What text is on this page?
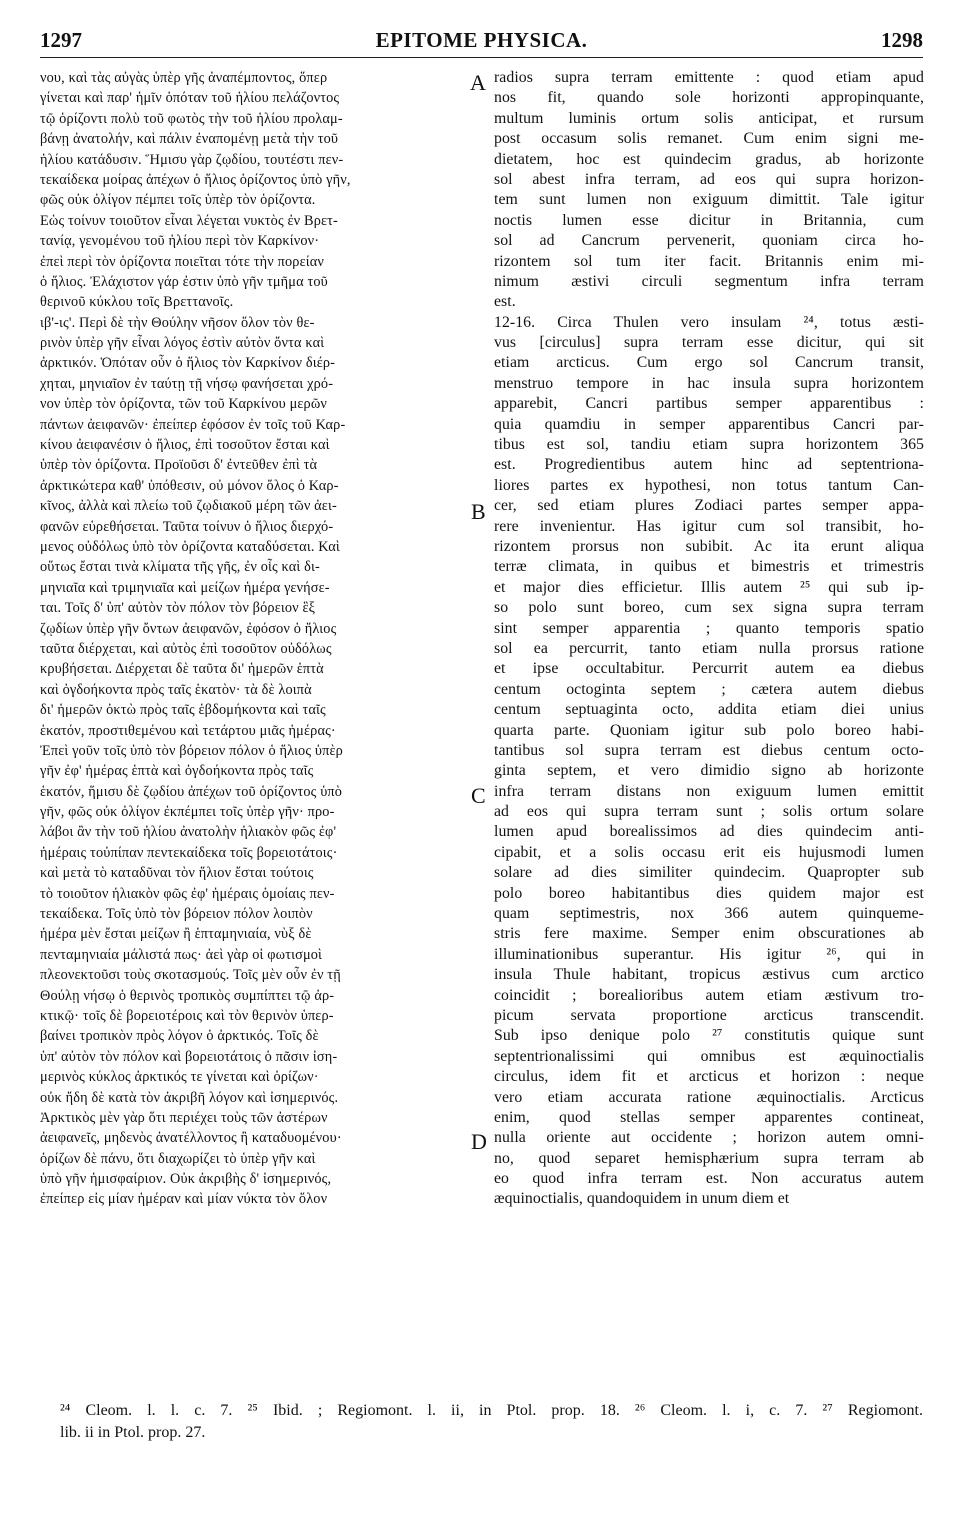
EPITOME PHYSICA.
1297	1298
νου, καὶ τὰς αὐγὰς ὑπὲρ γῆς ἀναπέμποντος, ὅπερ
γίνεται καὶ παρ' ἡμῖν ὁπόταν τοῦ ἡλίου πελάζοντος
τῷ ὁρίζοντι πολὺ τοῦ φωτὸς τὴν τοῦ ἡλίου προλαμ-
βάνῃ ἀνατολήν, καὶ πάλιν ἐναπομένῃ μετὰ τὴν τοῦ
ἡλίου κατάδυσιν. Ἥμισυ γὰρ ζῳδίου, τουτέστι πεν-
τεκαίδεκα μοίρας ἀπέχων ὁ ἥλιος ὁρίζοντος ὑπὸ γῆν,
φῶς οὐκ ὀλίγον πέμπει τοῖς ὑπὲρ τὸν ὁρίζοντα.
Εὡς τοίνυν τοιοῦτον εἶναι λέγεται νυκτὸς ἐν Βρετ-
τανίᾳ, γενομένου τοῦ ἡλίου περὶ τὸν Καρκίνον·
ἐπεὶ περὶ τὸν ὁρίζοντα ποιεῖται τότε τὴν πορείαν
ὁ ἥλιος. Ἐλάχιστον γάρ ἐστιν ὑπὸ γῆν τμῆμα τοῦ
θερινοῦ κύκλου τοῖς Βρεττανοῖς.
ιβ'-ις'. Περὶ δὲ τὴν Θούλην νῆσον ὅλον τὸν θε-
ρινὸν ὑπὲρ γῆν εἶναι λόγος ἐστὶν αὐτὸν ὄντα καὶ
ἀρκτικόν. Ὁπόταν οὖν ὁ ἥλιος τὸν Καρκίνον διέρ-
χηται, μηνιαῖον ἐν ταύτῃ τῇ νήσῳ φανήσεται χρό-
νον ὑπὲρ τὸν ὁρίζοντα, τῶν τοῦ Καρκίνου μερῶν
πάντων ἀειφανῶν· ἐπείπερ ἐφόσον ἐν τοῖς τοῦ Καρ-
κίνου ἀειφανέσιν ὁ ἥλιος, ἐπὶ τοσοῦτον ἔσται καὶ
ὑπὲρ τὸν ὁρίζοντα. Προϊοῦσι δ' ἐντεῦθεν ἐπὶ τὰ
ἀρκτικώτερα καθ' ὑπόθεσιν, οὐ μόνον ὅλος ὁ Καρ-
κῖνος, ἀλλὰ καὶ πλείω τοῦ ζῳδιακοῦ μέρη τῶν ἀει-
φανῶν εὑρεθήσεται. Ταῦτα τοίνυν ὁ ἥλιος διερχό-
μενος οὐδόλως ὑπὸ τὸν ὁρίζοντα καταδύσεται. Καὶ
οὕτως ἔσται τινὰ κλίματα τῆς γῆς, ἐν οἷς καὶ δι-
μηνιαῖα καὶ τριμηνιαῖα καὶ μείζων ἡμέρα γενήσε-
ται. Τοῖς δ' ὑπ' αὐτὸν τὸν πόλον τὸν βόρειον ἓξ
ζῳδίων ὑπὲρ γῆν ὄντων ἀειφανῶν, ἐφόσον ὁ ἥλιος
ταῦτα διέρχεται, καὶ αὐτὸς ἐπὶ τοσοῦτον οὐδόλως
κρυβήσεται. Διέρχεται δὲ ταῦτα δι' ἡμερῶν ἑπτὰ
καὶ ὀγδοήκοντα πρὸς ταῖς ἑκατὸν· τὰ δὲ λοιπὰ
δι' ἡμερῶν ὀκτὼ πρὸς ταῖς ἑβδομήκοντα καὶ ταῖς
ἑκατόν, προστιθεμένου καὶ τετάρτου μιᾶς ἡμέρας·
Ἐπεὶ γοῦν τοῖς ὑπὸ τὸν βόρειον πόλον ὁ ἥλιος ὑπὲρ
γῆν ἐφ' ἡμέρας ἑπτὰ καὶ ὀγδοήκοντα πρὸς ταῖς
ἑκατόν, ἥμισυ δὲ ζῳδίου ἀπέχων τοῦ ὁρίζοντος ὑπὸ
γῆν, φῶς οὐκ ὀλίγον ἐκπέμπει τοῖς ὑπὲρ γῆν· προ-
λάβοι ἂν τὴν τοῦ ἡλίου ἀνατολὴν ἡλιακὸν φῶς ἐφ'
ἡμέραις τοὐπίπαν πεντεκαίδεκα τοῖς βορειοτάτοις·
καὶ μετὰ τὸ καταδῦναι τὸν ἥλιον ἔσται τούτοις
τὸ τοιοῦτον ἡλιακὸν φῶς ἐφ' ἡμέραις ὁμοίαις πεν-
τεκαίδεκα. Τοῖς ὑπὸ τὸν βόρειον πόλον λοιπὸν
ἡμέρα μὲν ἔσται μείζων ἢ ἑπταμηνιαία, νὺξ δὲ
πενταμηνιαία μάλιστά πως· ἀεὶ γὰρ οἱ φωτισμοὶ
πλεονεκτοῦσι τοὺς σκοτασμούς. Τοῖς μὲν οὖν ἐν τῇ
Θούλῃ νήσῳ ὁ θερινὸς τροπικὸς συμπίπτει τῷ ἀρ-
κτικῷ· τοῖς δὲ βορειοτέροις καὶ τὸν θερινὸν ὑπερ-
βαίνει τροπικὸν πρὸς λόγον ὁ ἀρκτικός. Τοῖς δὲ
ὑπ' αὐτὸν τὸν πόλον καὶ βορειοτάτοις ὁ πᾶσιν ἰση-
μερινὸς κύκλος ἀρκτικός τε γίνεται καὶ ὁρίζων·
οὐκ ἤδη δὲ κατὰ τὸν ἀκριβῆ λόγον καὶ ἰσημερινός.
Ἀρκτικὸς μὲν γὰρ ὅτι περιέχει τοὺς τῶν ἀστέρων
ἀειφανεῖς, μηδενὸς ἀνατέλλοντος ἢ καταδυομένου·
ὁρίζων δὲ πάνυ, ὅτι διαχωρίζει τὸ ὑπὲρ γῆν καὶ
ὑπὸ γῆν ἡμισφαίριον. Οὐκ ἀκριβὴς δ' ἰσημερινός,
ἐπείπερ εἰς μίαν ἡμέραν καὶ μίαν νύκτα τὸν ὅλον
A
B
C
D
radios supra terram emittente : quod etiam apud
nos fit, quando sole horizonti appropinquante,
multum luminis ortum solis anticipat, et rursum
post occasum solis remanet. Cum enim signi me-
dietatem, hoc est quindecim gradus, ab horizonte
sol abest infra terram, ad eos qui supra horizon-
tem sunt lumen non exiguum dimittit. Tale igitur
noctis lumen esse dicitur in Britannia, cum
sol ad Cancrum pervenerit, quoniam circa ho-
rizontem sol tum iter facit. Britannis enim mi-
nimum æstivi circuli segmentum infra terram
est.
12-16. Circa Thulen vero insulam ²⁴, totus æsti-
vus [circulus] supra terram esse dicitur, qui sit
etiam arcticus. Cum ergo sol Cancrum transit,
menstruo tempore in hac insula supra horizontem
apparebit, Cancri partibus semper apparentibus :
quia quamdiu in semper apparentibus Cancri par-
tibus est sol, tandiu etiam supra horizontem 365
est. Progredientibus autem hinc ad septentriona-
liores partes ex hypothesi, non totus tantum Can-
cer, sed etiam plures Zodiaci partes semper appa-
rere invenientur. Has igitur cum sol transibit, ho-
rizontem prorsus non subibit. Ac ita erunt aliqua
terræ climata, in quibus et bimestris et trimestris
et major dies efficietur. Illis autem ²⁵ qui sub ip-
so polo sunt boreo, cum sex signa supra terram
sint semper apparentia ; quanto temporis spatio
sol ea percurrit, tanto etiam nulla prorsus ratione
et ipse occultabitur. Percurrit autem ea diebus
centum octoginta septem ; cætera autem diebus
centum septuaginta octo, addita etiam diei unius
quarta parte. Quoniam igitur sub polo boreo habi-
tantibus sol supra terram est diebus centum octo-
ginta septem, et vero dimidio signo ab horizonte
infra terram distans non exiguum lumen emittit
ad eos qui supra terram sunt ; solis ortum solare
lumen apud borealissimos ad dies quindecim anti-
cipabit, et a solis occasu erit eis hujusmodi lumen
solare ad dies similiter quindecim. Quapropter sub
polo boreo habitantibus dies quidem major est
quam septimestris, nox 366 autem quinqueme-
stris fere maxime. Semper enim obscurationes ab
illuminationibus superantur. His igitur ²⁶, qui in
insula Thule habitant, tropicus æstivus cum arctico
coincidit ; borealioribus autem etiam æstivum tro-
picum servata proportione arcticus transcendit.
Sub ipso denique polo ²⁷ constitutis quique sunt
septentrionalissimi qui omnibus est æquinoctialis
circulus, idem fit et arcticus et horizon : neque
vero etiam accurata ratione æquinoctialis. Arcticus
enim, quod stellas semper apparentes contineat,
nulla oriente aut occidente ; horizon autem omni-
no, quod separet hemisphærium supra terram ab
eo quod infra terram est. Non accuratus autem
æquinoctialis, quandoquidem in unum diem et
²⁴ Cleom. l. l. c. 7. ²⁵ Ibid. ; Regiomont. l. ii, in Ptol. prop. 18. ²⁶ Cleom. l. i, c. 7. ²⁷ Regiomont.
lib. ii in Ptol. prop. 27.
